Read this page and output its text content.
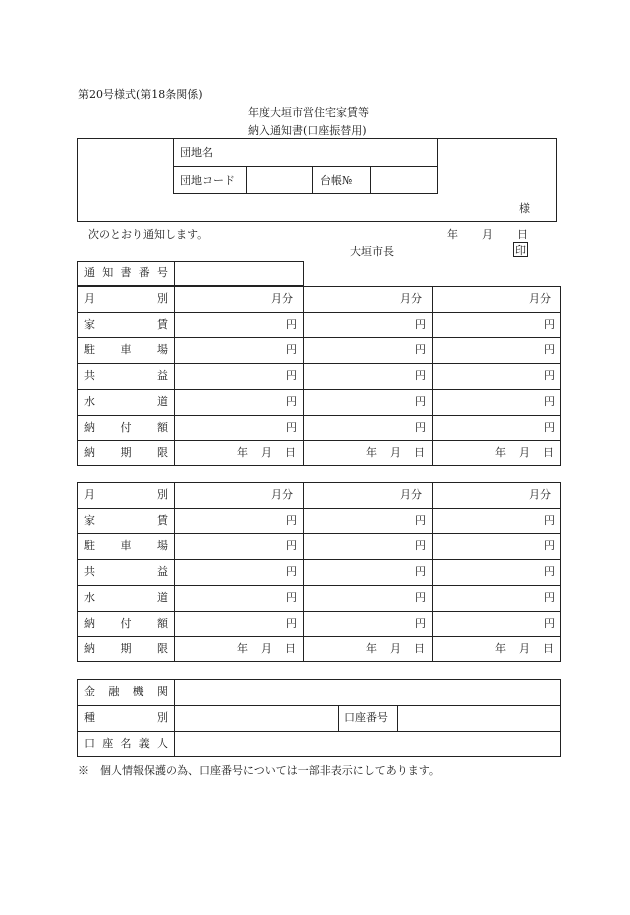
第20号様式(第18条関係)
年度大垣市営住宅家賃等
納入通知書(口座振替用)
団地名
団地コード	台帳№
様
次のとおり通知します。	年 月 日
大垣市長	印
通 知 書 番 号
月	別	月分	月分	月分
家	賃	円	円	円
駐 車 場	円	円	円
共	益	円	円	円
水	道	円	円	円
納 付 額	円	円	円
納 期 限	年 月 日	年 月 日	年 月 日
月	別	月分	月分	月分
家	賃	円	円	円
駐 車 場	円	円	円
共	益	円	円	円
水	道	円	円	円
納 付 額	円	円	円
納 期 限	年 月 日	年 月 日	年 月 日
金 融 機 関
種	別	口座番号
口 座 名 義 人
※　個人情報保護の為、口座番号については一部非表示にしてあります。
